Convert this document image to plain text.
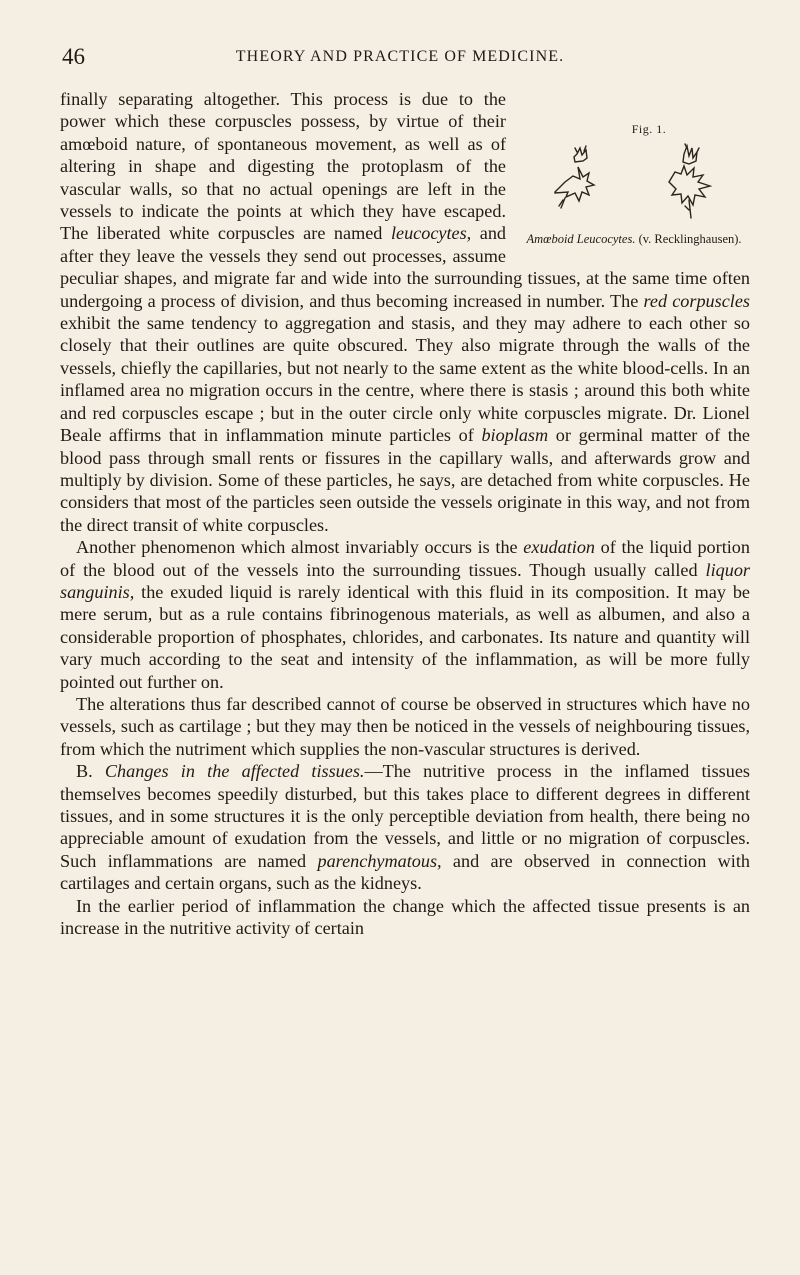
46	THEORY AND PRACTICE OF MEDICINE.
Fig. 1.
Amœboid Leucocytes. (v. Recklinghausen).

finally separating altogether. This process is due to the power which these corpuscles possess, by virtue of their amœboid nature, of spontaneous movement, as well as of altering in shape and digesting the protoplasm of the vascular walls, so that no actual openings are left in the vessels to indicate the points at which they have escaped. The liberated white corpuscles are named leucocytes, and after they leave the vessels they send out processes, assume peculiar shapes, and migrate far and wide into the surrounding tissues, at the same time often undergoing a process of division, and thus becoming increased in number. The red corpuscles exhibit the same tendency to aggregation and stasis, and they may adhere to each other so closely that their outlines are quite obscured. They also migrate through the walls of the vessels, chiefly the capillaries, but not nearly to the same extent as the white blood-cells. In an inflamed area no migration occurs in the centre, where there is stasis ; around this both white and red corpuscles escape ; but in the outer circle only white corpuscles migrate. Dr. Lionel Beale affirms that in inflammation minute particles of bioplasm or germinal matter of the blood pass through small rents or fissures in the capillary walls, and afterwards grow and multiply by division. Some of these particles, he says, are detached from white corpuscles. He considers that most of the particles seen outside the vessels originate in this way, and not from the direct transit of white corpuscles.

Another phenomenon which almost invariably occurs is the exudation of the liquid portion of the blood out of the vessels into the surrounding tissues. Though usually called liquor sanguinis, the exuded liquid is rarely identical with this fluid in its composition. It may be mere serum, but as a rule contains fibrinogenous materials, as well as albumen, and also a considerable proportion of phosphates, chlorides, and carbonates. Its nature and quantity will vary much according to the seat and intensity of the inflammation, as will be more fully pointed out further on.

The alterations thus far described cannot of course be observed in structures which have no vessels, such as cartilage ; but they may then be noticed in the vessels of neighbouring tissues, from which the nutriment which supplies the non-vascular structures is derived.

B. Changes in the affected tissues.—The nutritive process in the inflamed tissues themselves becomes speedily disturbed, but this takes place to different degrees in different tissues, and in some structures it is the only perceptible deviation from health, there being no appreciable amount of exudation from the vessels, and little or no migration of corpuscles. Such inflammations are named parenchymatous, and are observed in connection with cartilages and certain organs, such as the kidneys.

In the earlier period of inflammation the change which the affected tissue presents is an increase in the nutritive activity of certain
